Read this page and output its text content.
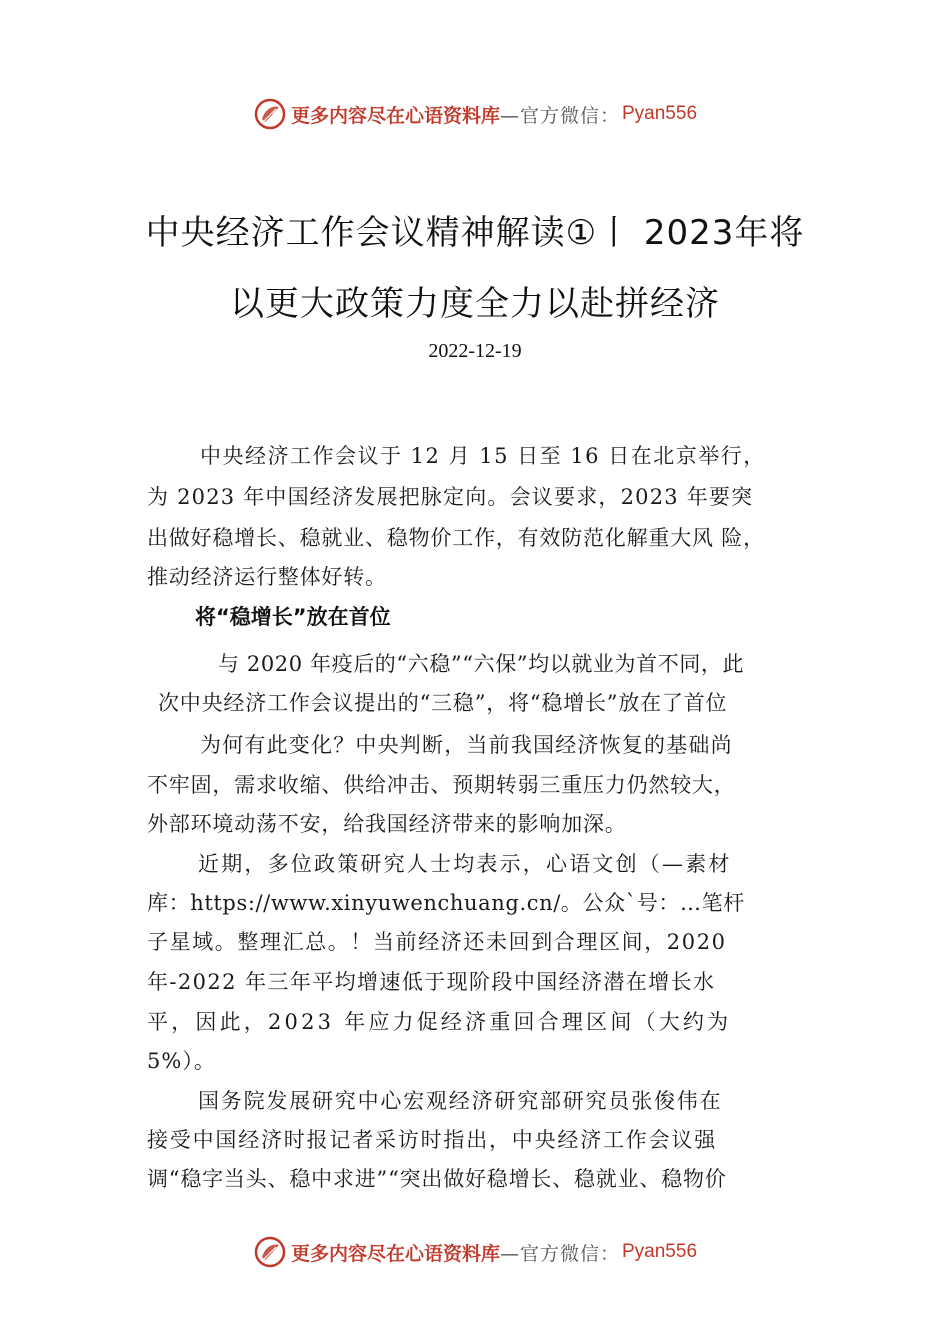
更多内容尽在心语资料库 —官方微信： Pyan556
中央经济工作会议精神解读①丨 2023年将
以更大政策力度全力以赴拼经济
2022-12-19
中央经济工作会议于 12 月 15 日至 16 日在北京举行，
为 2023 年中国经济发展把脉定向。会议要求，2023 年要突
出做好稳增长、稳就业、稳物价工作，有效防范化解重大风 险，
推动经济运行整体好转。
将“稳增长”放在首位
与 2020 年疫后的“六稳”“六保”均以就业为首不同，此
次中央经济工作会议提出的“三稳”，将“稳增长”放在了首位
为何有此变化？中央判断，当前我国经济恢复的基础尚
不牢固，需求收缩、供给冲击、预期转弱三重压力仍然较大，
外部环境动荡不安，给我国经济带来的影响加深。
近期，多位政策研究人士均表示，心语文创（—素材
库：https://www.xinyuwenchuang.cn/。公众`号：…笔杆
子星域。整理汇总。！当前经济还未回到合理区间，2020
年-2022 年三年平均增速低于现阶段中国经济潜在增长水
平，因此，2023 年应力促经济重回合理区间（大约为
5%）。
国务院发展研究中心宏观经济研究部研究员张俊伟在
接受中国经济时报记者采访时指出，中央经济工作会议强
调“稳字当头、稳中求进”“突出做好稳增长、稳就业、稳物价
更多内容尽在心语资料库 —官方微信： Pyan556
